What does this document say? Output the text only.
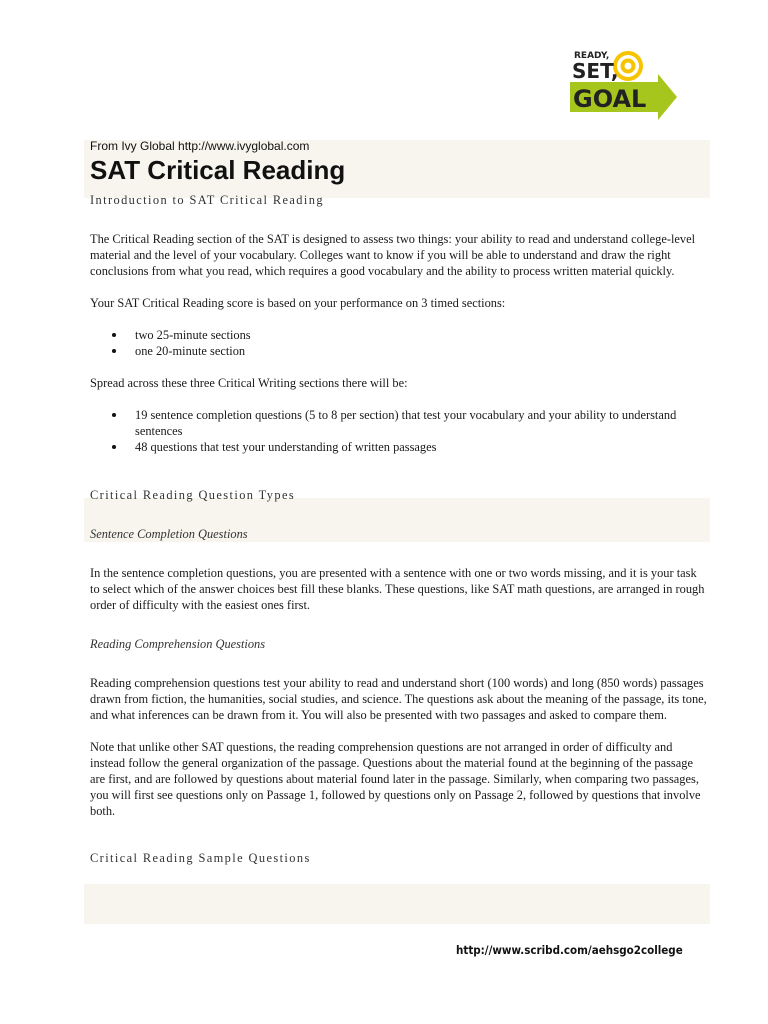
READY,
SET,
GOAL
From Ivy Global http://www.ivyglobal.com
SAT Critical Reading
Introduction to SAT Critical Reading

The Critical Reading section of the SAT is designed to assess two things: your ability to read and understand college-level material and the level of your vocabulary. Colleges want to know if you will be able to understand and draw the right conclusions from what you read, which requires a good vocabulary and the ability to process written material quickly.

Your SAT Critical Reading score is based on your performance on 3 timed sections:

two 25-minute sections
one 20-minute section

Spread across these three Critical Writing sections there will be:

19 sentence completion questions (5 to 8 per section) that test your vocabulary and your ability to understand sentences
48 questions that test your understanding of written passages
Critical Reading Question Types
Sentence Completion Questions

In the sentence completion questions, you are presented with a sentence with one or two words missing, and it is your task to select which of the answer choices best fill these blanks. These questions, like SAT math questions, are arranged in rough order of difficulty with the easiest ones first.

Reading Comprehension Questions

Reading comprehension questions test your ability to read and understand short (100 words) and long (850 words) passages drawn from fiction, the humanities, social studies, and science. The questions ask about the meaning of the passage, its tone, and what inferences can be drawn from it. You will also be presented with two passages and asked to compare them.

Note that unlike other SAT questions, the reading comprehension questions are not arranged in order of difficulty and instead follow the general organization of the passage. Questions about the material found at the beginning of the passage are first, and are followed by questions about material found later in the passage. Similarly, when comparing two passages, you will first see questions only on Passage 1, followed by questions only on Passage 2, followed by questions that involve both.

Critical Reading Sample Questions
http://www.scribd.com/aehsgo2college
